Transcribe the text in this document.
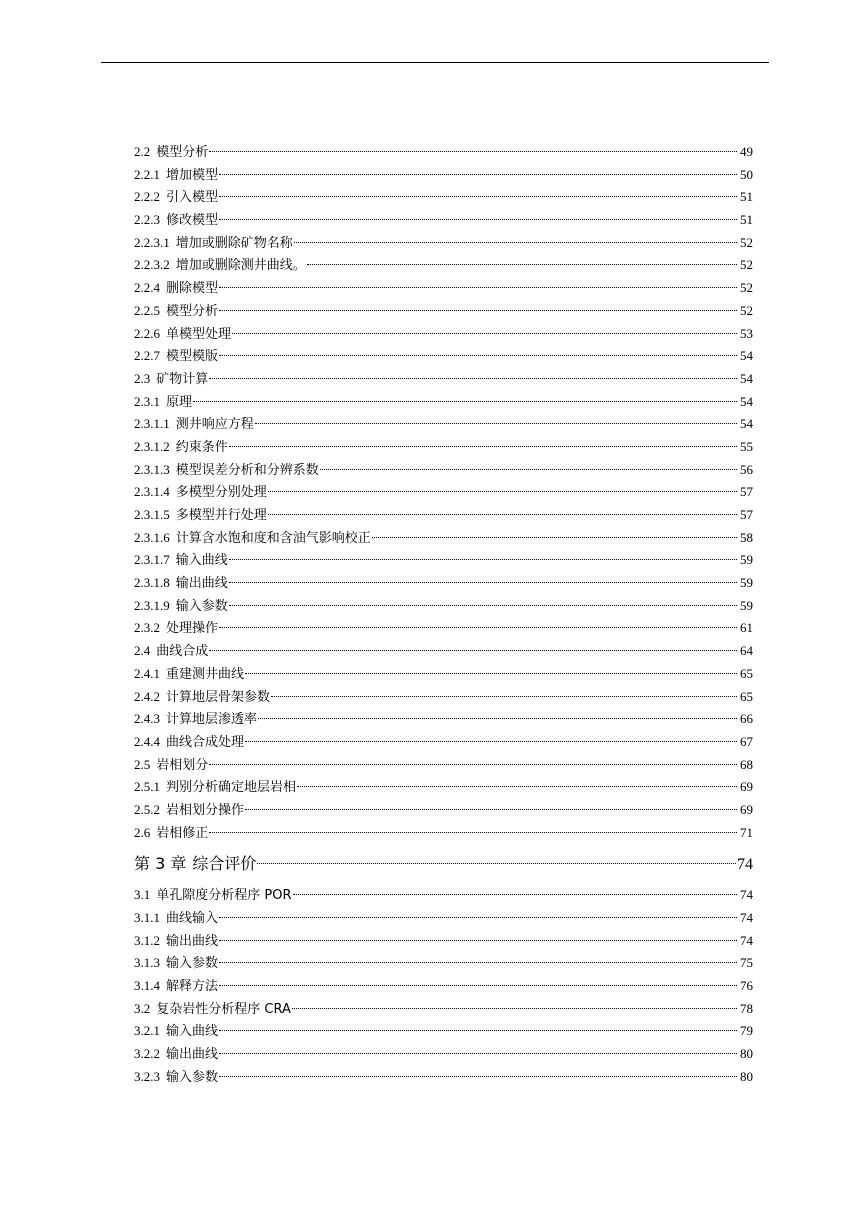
2.2 模型分析	49
2.2.1 增加模型	50
2.2.2 引入模型	51
2.2.3 修改模型	51
2.2.3.1 增加或删除矿物名称	52
2.2.3.2 增加或删除测井曲线。	52
2.2.4 删除模型	52
2.2.5 模型分析	52
2.2.6 单模型处理	53
2.2.7 模型模版	54
2.3 矿物计算	54
2.3.1 原理	54
2.3.1.1 测井响应方程	54
2.3.1.2 约束条件	55
2.3.1.3 模型误差分析和分辨系数	56
2.3.1.4 多模型分别处理	57
2.3.1.5 多模型并行处理	57
2.3.1.6 计算含水饱和度和含油气影响校正	58
2.3.1.7 输入曲线	59
2.3.1.8 输出曲线	59
2.3.1.9 输入参数	59
2.3.2 处理操作	61
2.4 曲线合成	64
2.4.1 重建测井曲线	65
2.4.2 计算地层骨架参数	65
2.4.3 计算地层渗透率	66
2.4.4 曲线合成处理	67
2.5 岩相划分	68
2.5.1 判别分析确定地层岩相	69
2.5.2 岩相划分操作	69
2.6 岩相修正	71
第 3 章 综合评价	74
3.1 单孔隙度分析程序 POR	74
3.1.1 曲线输入	74
3.1.2 输出曲线	74
3.1.3 输入参数	75
3.1.4 解释方法	76
3.2 复杂岩性分析程序 CRA	78
3.2.1 输入曲线	79
3.2.2 输出曲线	80
3.2.3 输入参数	80
